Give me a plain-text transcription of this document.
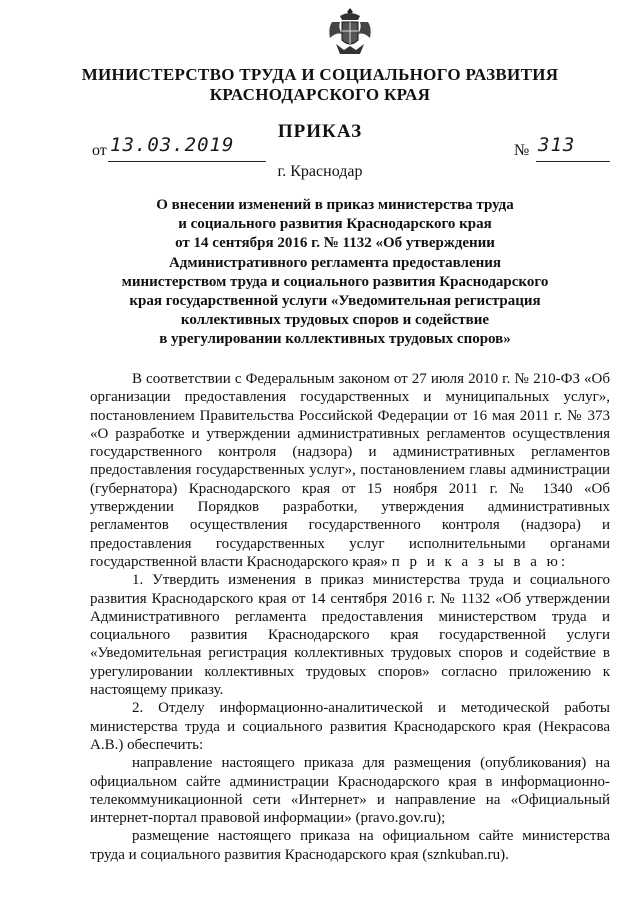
МИНИСТЕРСТВО ТРУДА И СОЦИАЛЬНОГО РАЗВИТИЯ
КРАСНОДАРСКОГО КРАЯ
ПРИКАЗ
от 13.03.2019	№ 313
г. Краснодар
О внесении изменений в приказ министерства труда
и социального развития Краснодарского края
от 14 сентября 2016 г. № 1132 «Об утверждении
Административного регламента предоставления
министерством труда и социального развития Краснодарского
края государственной услуги «Уведомительная регистрация
коллективных трудовых споров и содействие
в урегулировании коллективных трудовых споров»

В соответствии с Федеральным законом от 27 июля 2010 г. № 210-ФЗ «Об организации предоставления государственных и муниципальных услуг», постановлением Правительства Российской Федерации от 16 мая 2011 г. № 373 «О разработке и утверждении административных регламентов осуществления государственного контроля (надзора) и административных регламентов предоставления государственных услуг», постановлением главы администрации (губернатора) Краснодарского края от 15 ноября 2011 г. № 1340 «Об утверждении Порядков разработки, утверждения административных регламентов осуществления государственного контроля (надзора) и предоставления государственных услуг исполнительными органами государственной власти Краснодарского края» п р и к а з ы в а ю:

1. Утвердить изменения в приказ министерства труда и социального развития Краснодарского края от 14 сентября 2016 г. № 1132 «Об утверждении Административного регламента предоставления министерством труда и социального развития Краснодарского края государственной услуги «Уведомительная регистрация коллективных трудовых споров и содействие в урегулировании коллективных трудовых споров» согласно приложению к настоящему приказу.

2. Отделу информационно-аналитической и методической работы министерства труда и социального развития Краснодарского края (Некрасова А.В.) обеспечить:

направление настоящего приказа для размещения (опубликования) на официальном сайте администрации Краснодарского края в информационно-телекоммуникационной сети «Интернет» и направление на «Официальный интернет-портал правовой информации» (pravo.gov.ru);

размещение настоящего приказа на официальном сайте министерства труда и социального развития Краснодарского края (sznkuban.ru).
